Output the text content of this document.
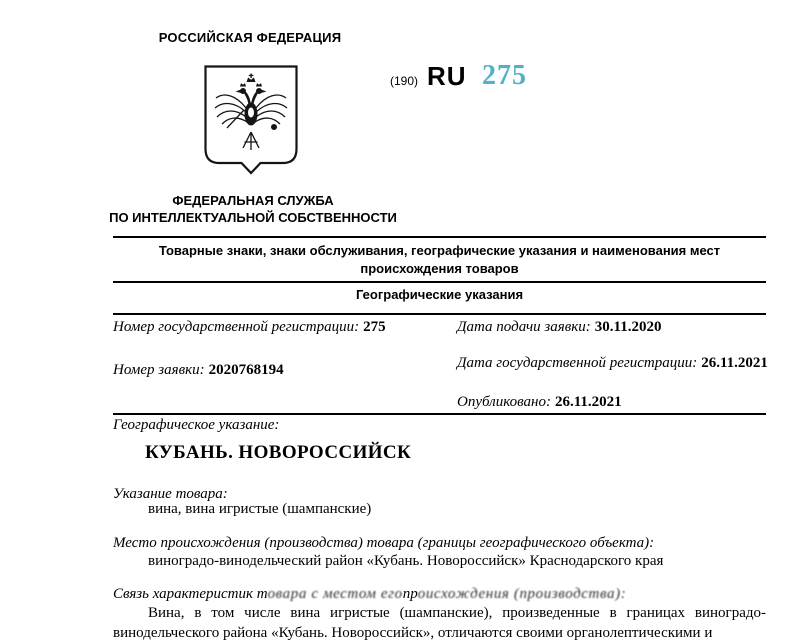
РОССИЙСКАЯ ФЕДЕРАЦИЯ
(190) RU 275
ФЕДЕРАЛЬНАЯ СЛУЖБА
ПО ИНТЕЛЛЕКТУАЛЬНОЙ СОБСТВЕННОСТИ
Товарные знаки, знаки обслуживания, географические указания и наименования мест происхождения товаров
Географические указания
Номер государственной регистрации: 275	Дата подачи заявки: 30.11.2020
Дата государственной регистрации: 26.11.2021
Номер заявки: 2020768194
Опубликовано: 26.11.2021
Географическое указание:
КУБАНЬ. НОВОРОССИЙСК
Указание товара:
вина, вина игристые (шампанские)
Место происхождения (производства) товара (границы географического объекта):
виноградо-винодельческий район «Кубань. Новороссийск» Краснодарского края
Связь характеристик товара с местом егопроисхождения (производства):
Вина, в том числе вина игристые (шампанские), произведенные в границах виноградо-винодельческого района «Кубань. Новороссийск», отличаются своими органолептическими и
